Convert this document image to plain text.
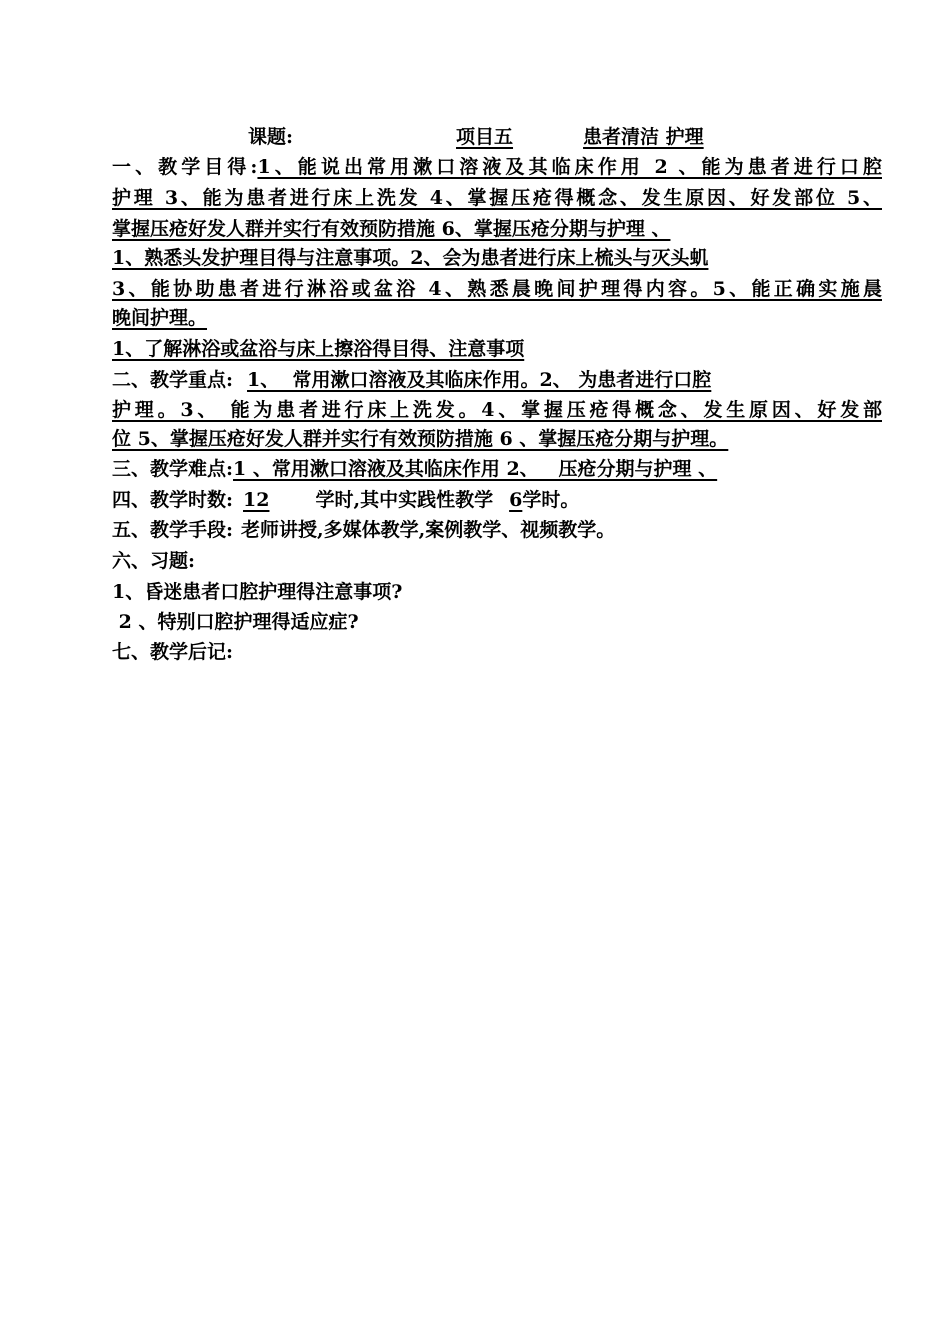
课题:	项目五	患者清洁 护理
一、教学目得:1、能说出常用漱口溶液及其临床作用 2 、能为患者进行口腔
护理 3、能为患者进行床上洗发 4、掌握压疮得概念、发生原因、好发部位 5、
掌握压疮好发人群并实行有效预防措施 6、掌握压疮分期与护理 、
1、熟悉头发护理目得与注意事项。2、会为患者进行床上梳头与灭头虮
3、能协助患者进行淋浴或盆浴 4、熟悉晨晚间护理得内容。5、能正确实施晨
晚间护理。
1、了解淋浴或盆浴与床上擦浴得目得、注意事项
二、教学重点: 1、  常用漱口溶液及其临床作用。2、 为患者进行口腔
护理。3、 能为患者进行床上洗发。4、掌握压疮得概念、发生原因、好发部
位 5、掌握压疮好发人群并实行有效预防措施 6 、掌握压疮分期与护理。
三、教学难点:1 、常用漱口溶液及其临床作用 2、   压疮分期与护理 、
四、教学时数: 12 学时,其中实践性教学 6学时。
五、教学手段: 老师讲授,多媒体教学,案例教学、视频教学。
六、习题:
1、昏迷患者口腔护理得注意事项?
2 、特别口腔护理得适应症?
七、教学后记:
